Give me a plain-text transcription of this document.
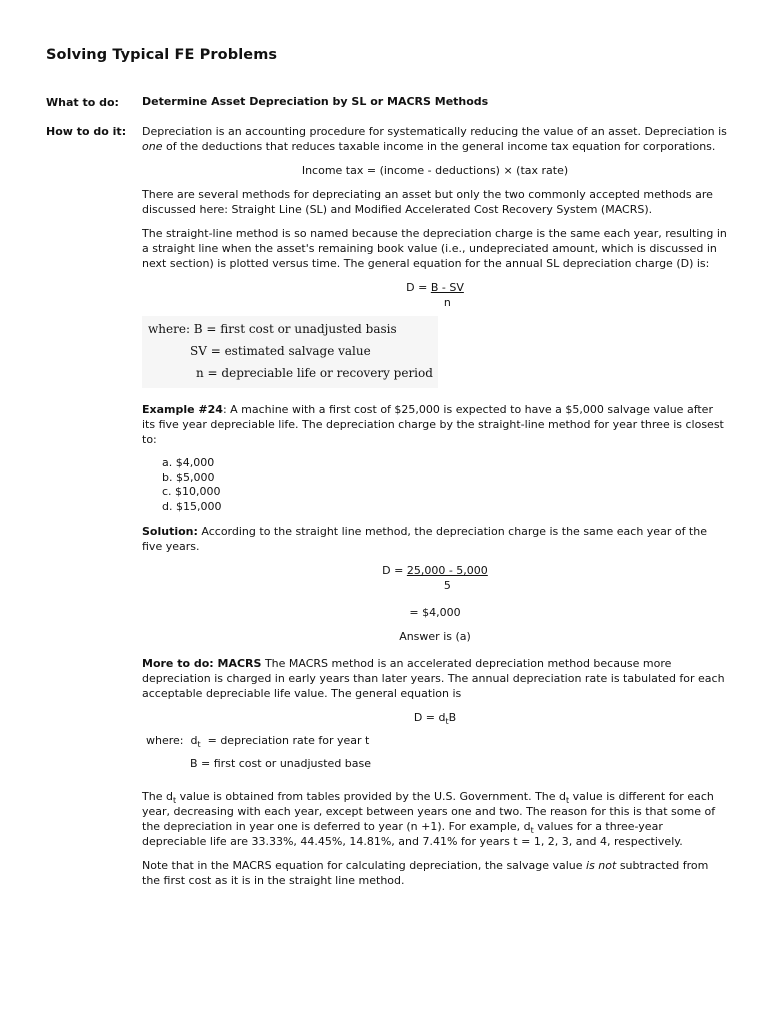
Solving Typical FE Problems
What to do: Determine Asset Depreciation by SL or MACRS Methods
How to do it: Depreciation is an accounting procedure for systematically reducing the value of an asset. Depreciation is one of the deductions that reduces taxable income in the general income tax equation for corporations.

Income tax = (income - deductions) × (tax rate)

There are several methods for depreciating an asset but only the two commonly accepted methods are discussed here: Straight Line (SL) and Modified Accelerated Cost Recovery System (MACRS).

The straight-line method is so named because the depreciation charge is the same each year, resulting in a straight line when the asset's remaining book value (i.e., undepreciated amount, which is discussed in next section) is plotted versus time. The general equation for the annual SL depreciation charge (D) is:

$D = \frac{B - SV}{n}$
where: B = first cost or unadjusted basis
SV = estimated salvage value
n = depreciable life or recovery period

Example #24: A machine with a first cost of $25,000 is expected to have a $5,000 salvage value after its five year depreciable life. The depreciation charge by the straight-line method for year three is closest to:

a. $4,000
b. $5,000
c. $10,000
d. $15,000

Solution: According to the straight line method, the depreciation charge is the same each year of the five years.

$D = \frac{25,000 - 5,000}{5}$

= $4,000

Answer is (a)

More to do: MACRS The MACRS method is an accelerated depreciation method because more depreciation is charged in early years than later years. The annual depreciation rate is tabulated for each acceptable depreciable life value. The general equation is

$D = d_tB$
where:  $d_t$  = depreciation rate for year t
B = first cost or unadjusted base

The $d_t$ value is obtained from tables provided by the U.S. Government. The $d_t$ value is different for each year, decreasing with each year, except between years one and two. The reason for this is that some of the depreciation in year one is deferred to year (n +1). For example, $d_t$ values for a three-year depreciable life are 33.33%, 44.45%, 14.81%, and 7.41% for years t = 1, 2, 3, and 4, respectively.

Note that in the MACRS equation for calculating depreciation, the salvage value is not subtracted from the first cost as it is in the straight line method.
